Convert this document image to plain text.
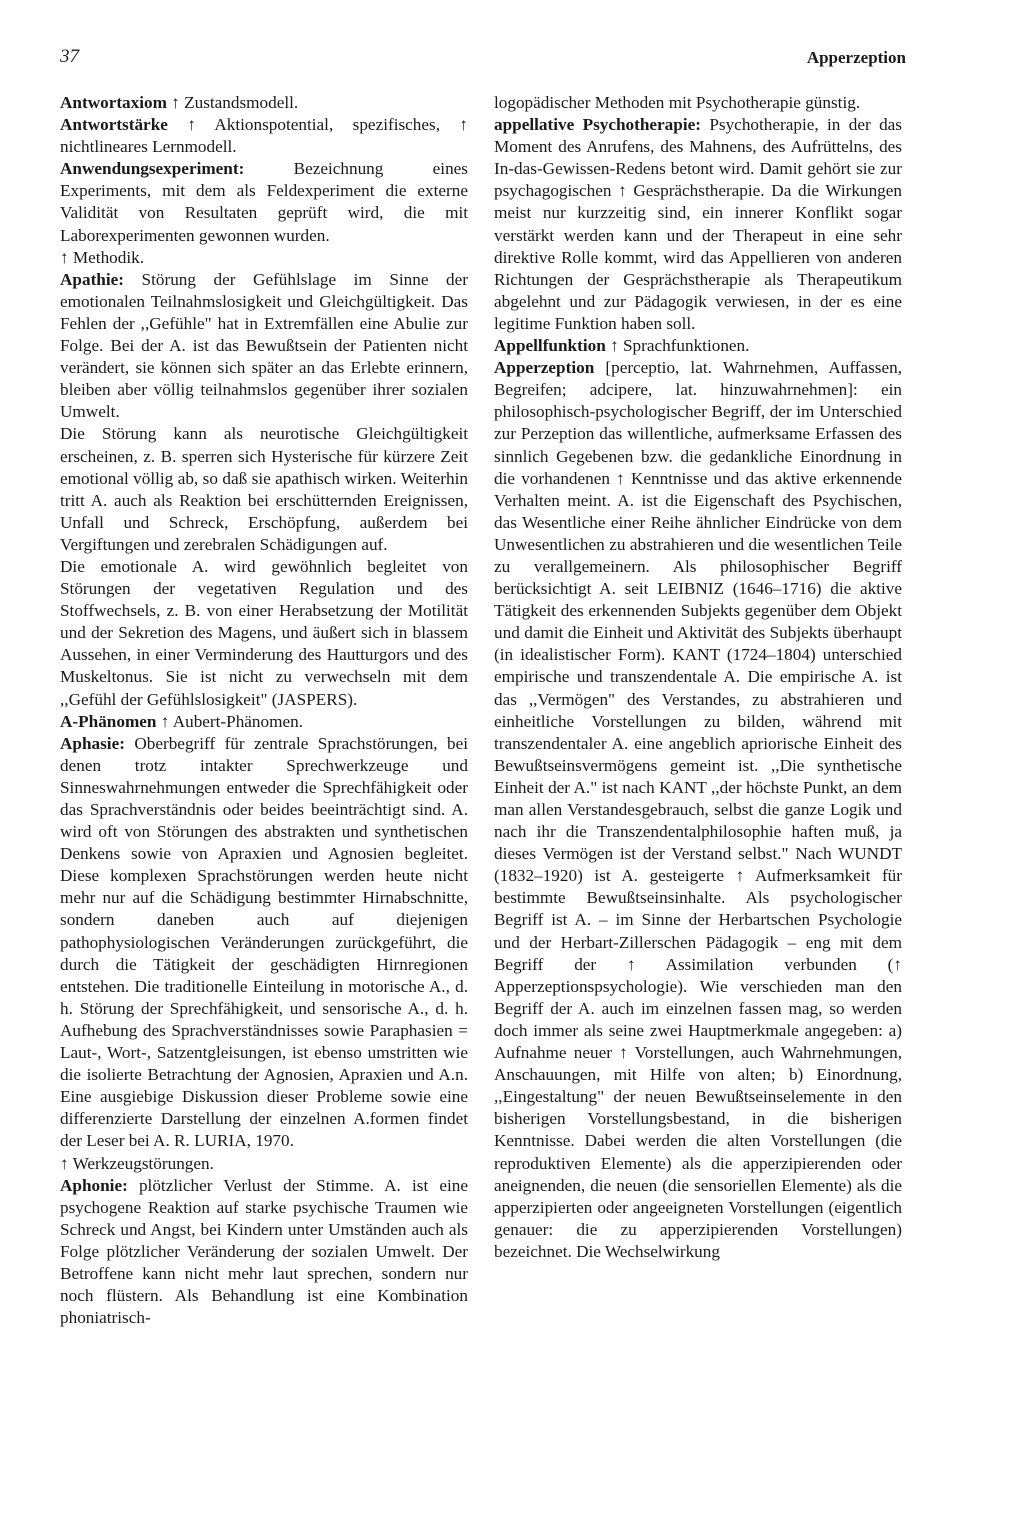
37	Apperzeption

Antwortaxiom ↑ Zustandsmodell.

Antwortstärke ↑ Aktionspotential, spezifisches, ↑ nichtlineares Lernmodell.

Anwendungsexperiment:	Bezeichnung eines Experiments, mit dem als Feldexperiment die externe Validität von Resultaten geprüft wird, die mit Laborexperimenten gewonnen wurden.

↑ Methodik.

Apathie: Störung der Gefühlslage im Sinne der emotionalen Teilnahmslosigkeit und Gleichgültigkeit. Das Fehlen der ,,Gefühle" hat in Extremfällen eine Abulie zur Folge. Bei der A. ist das Bewußtsein der Patienten nicht verändert, sie können sich später an das Erlebte erinnern, bleiben aber völlig teilnahmslos gegenüber ihrer sozialen Umwelt.

Die Störung kann als neurotische Gleichgültigkeit erscheinen, z. B. sperren sich Hysterische für kürzere Zeit emotional völlig ab, so daß sie apathisch wirken. Weiterhin tritt A. auch als Reaktion bei erschütternden Ereignissen, Unfall und Schreck, Erschöpfung, außerdem bei Vergiftungen und zerebralen Schädigungen auf.

Die emotionale A. wird gewöhnlich begleitet von Störungen der vegetativen Regulation und des Stoffwechsels, z. B. von einer Herabsetzung der Motilität und der Sekretion des Magens, und äußert sich in blassem Aussehen, in einer Verminderung des Hautturgors und des Muskeltonus. Sie ist nicht zu verwechseln mit dem ,,Gefühl der Gefühlslosigkeit" (JASPERS).

A-Phänomen ↑ Aubert-Phänomen.

Aphasie: Oberbegriff für zentrale Sprachstörungen, bei denen trotz intakter Sprechwerkzeuge und Sinneswahrnehmungen entweder die Sprechfähigkeit oder das Sprachverständnis oder beides beeinträchtigt sind. A. wird oft von Störungen des abstrakten und synthetischen Denkens sowie von Apraxien und Agnosien begleitet. Diese komplexen Sprachstörungen werden heute nicht mehr nur auf die Schädigung bestimmter Hirnabschnitte, sondern daneben auch auf diejenigen pathophysiologischen Veränderungen zurückgeführt, die durch die Tätigkeit der geschädigten Hirnregionen entstehen. Die traditionelle Einteilung in motorische A., d. h. Störung der Sprechfähigkeit, und sensorische A., d. h. Aufhebung des Sprachverständnisses sowie Paraphasien = Laut-, Wort-, Satzentgleisungen, ist ebenso umstritten wie die isolierte Betrachtung der Agnosien, Apraxien und A.n. Eine ausgiebige Diskussion dieser Probleme sowie eine differenzierte Darstellung der einzelnen A.formen findet der Leser bei A. R. LURIA, 1970.

↑ Werkzeugstörungen.

Aphonie: plötzlicher Verlust der Stimme. A. ist eine psychogene Reaktion auf starke psychische Traumen wie Schreck und Angst, bei Kindern unter Umständen auch als Folge plötzlicher Veränderung der sozialen Umwelt. Der Betroffene kann nicht mehr laut sprechen, sondern nur noch flüstern. Als Behandlung ist eine Kombination phoniatrisch-

logopädischer Methoden mit Psychotherapie günstig.

appellative Psychotherapie: Psychotherapie, in der das Moment des Anrufens, des Mahnens, des Aufrüttelns, des In-das-Gewissen-Redens betont wird. Damit gehört sie zur psychagogischen ↑ Gesprächstherapie. Da die Wirkungen meist nur kurzzeitig sind, ein innerer Konflikt sogar verstärkt werden kann und der Therapeut in eine sehr direktive Rolle kommt, wird das Appellieren von anderen Richtungen der Gesprächstherapie als Therapeutikum abgelehnt und zur Pädagogik verwiesen, in der es eine legitime Funktion haben soll.

Appellfunktion ↑ Sprachfunktionen.

Apperzeption [perceptio, lat. Wahrnehmen, Auffassen, Begreifen; adcipere, lat. hinzuwahrnehmen]: ein philosophisch-psychologischer Begriff, der im Unterschied zur Perzeption das willentliche, aufmerksame Erfassen des sinnlich Gegebenen bzw. die gedankliche Einordnung in die vorhandenen ↑ Kenntnisse und das aktive erkennende Verhalten meint. A. ist die Eigenschaft des Psychischen, das Wesentliche einer Reihe ähnlicher Eindrücke von dem Unwesentlichen zu abstrahieren und die wesentlichen Teile zu verallgemeinern. Als philosophischer Begriff berücksichtigt A. seit LEIBNIZ (1646–1716) die aktive Tätigkeit des erkennenden Subjekts gegenüber dem Objekt und damit die Einheit und Aktivität des Subjekts überhaupt (in idealistischer Form). KANT (1724–1804) unterschied empirische und transzendentale A. Die empirische A. ist das ,,Vermögen" des Verstandes, zu abstrahieren und einheitliche Vorstellungen zu bilden, während mit transzendentaler A. eine angeblich apriorische Einheit des Bewußtseinsvermögens gemeint ist. ,,Die synthetische Einheit der A." ist nach KANT ,,der höchste Punkt, an dem man allen Verstandesgebrauch, selbst die ganze Logik und nach ihr die Transzendentalphilosophie haften muß, ja dieses Vermögen ist der Verstand selbst." Nach WUNDT (1832–1920) ist A. gesteigerte ↑ Aufmerksamkeit für bestimmte Bewußtseinsinhalte. Als psychologischer Begriff ist A. – im Sinne der Herbartschen Psychologie und der Herbart-Zillerschen Pädagogik – eng mit dem Begriff der ↑ Assimilation verbunden (↑ Apperzeptionspsychologie). Wie verschieden man den Begriff der A. auch im einzelnen fassen mag, so werden doch immer als seine zwei Hauptmerkmale angegeben: a) Aufnahme neuer ↑ Vorstellungen, auch Wahrnehmungen, Anschauungen, mit Hilfe von alten; b) Einordnung, ,,Eingestaltung" der neuen Bewußtseinselemente in den bisherigen Vorstellungsbestand, in die bisherigen Kenntnisse. Dabei werden die alten Vorstellungen (die reproduktiven Elemente) als die apperzipierenden oder aneignenden, die neuen (die sensoriellen Elemente) als die apperzipierten oder angeeigneten Vorstellungen (eigentlich genauer: die zu apperzipierenden Vorstellungen) bezeichnet. Die Wechselwirkung
